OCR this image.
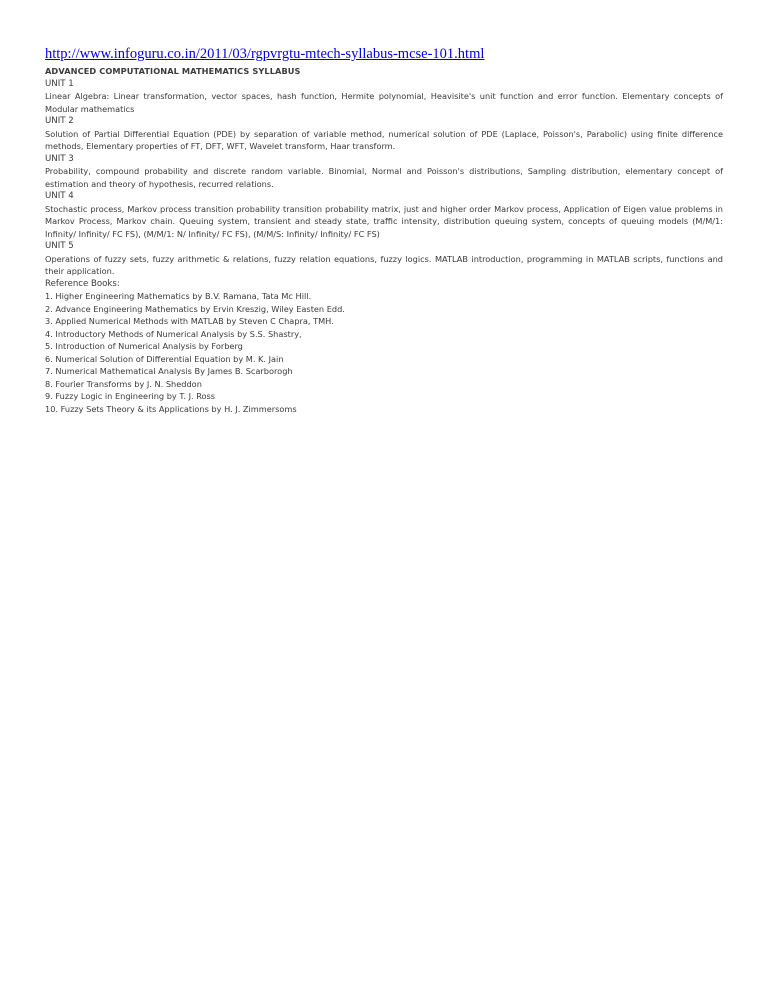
http://www.infoguru.co.in/2011/03/rgpvrgtu-mtech-syllabus-mcse-101.html
ADVANCED COMPUTATIONAL MATHEMATICS SYLLABUS
UNIT 1
Linear Algebra: Linear transformation, vector spaces, hash function, Hermite polynomial, Heavisite's unit function and error function. Elementary concepts of Modular mathematics
UNIT 2
Solution of Partial Differential Equation (PDE) by separation of variable method, numerical solution of PDE (Laplace, Poisson's, Parabolic) using finite difference methods, Elementary properties of FT, DFT, WFT, Wavelet transform, Haar transform.
UNIT 3
Probability, compound probability and discrete random variable. Binomial, Normal and Poisson's distributions, Sampling distribution, elementary concept of estimation and theory of hypothesis, recurred relations.
UNIT 4
Stochastic process, Markov process transition probability transition probability matrix, just and higher order Markov process, Application of Eigen value problems in Markov Process, Markov chain. Queuing system, transient and steady state, traffic intensity, distribution queuing system, concepts of queuing models (M/M/1: Infinity/ Infinity/ FC FS), (M/M/1: N/ Infinity/ FC FS), (M/M/S: Infinity/ Infinity/ FC FS)
UNIT 5
Operations of fuzzy sets, fuzzy arithmetic & relations, fuzzy relation equations, fuzzy logics. MATLAB introduction, programming in MATLAB scripts, functions and their application.
Reference Books:
1. Higher Engineering Mathematics by B.V. Ramana, Tata Mc Hill.
2. Advance Engineering Mathematics by Ervin Kreszig, Wiley Easten Edd.
3. Applied Numerical Methods with MATLAB by Steven C Chapra, TMH.
4. Introductory Methods of Numerical Analysis by S.S. Shastry,
5. Introduction of Numerical Analysis by Forberg
6. Numerical Solution of Differential Equation by M. K. Jain
7. Numerical Mathematical Analysis By James B. Scarborogh
8. Fourier Transforms by J. N. Sheddon
9. Fuzzy Logic in Engineering by T. J. Ross
10. Fuzzy Sets Theory & its Applications by H. J. Zimmersoms
